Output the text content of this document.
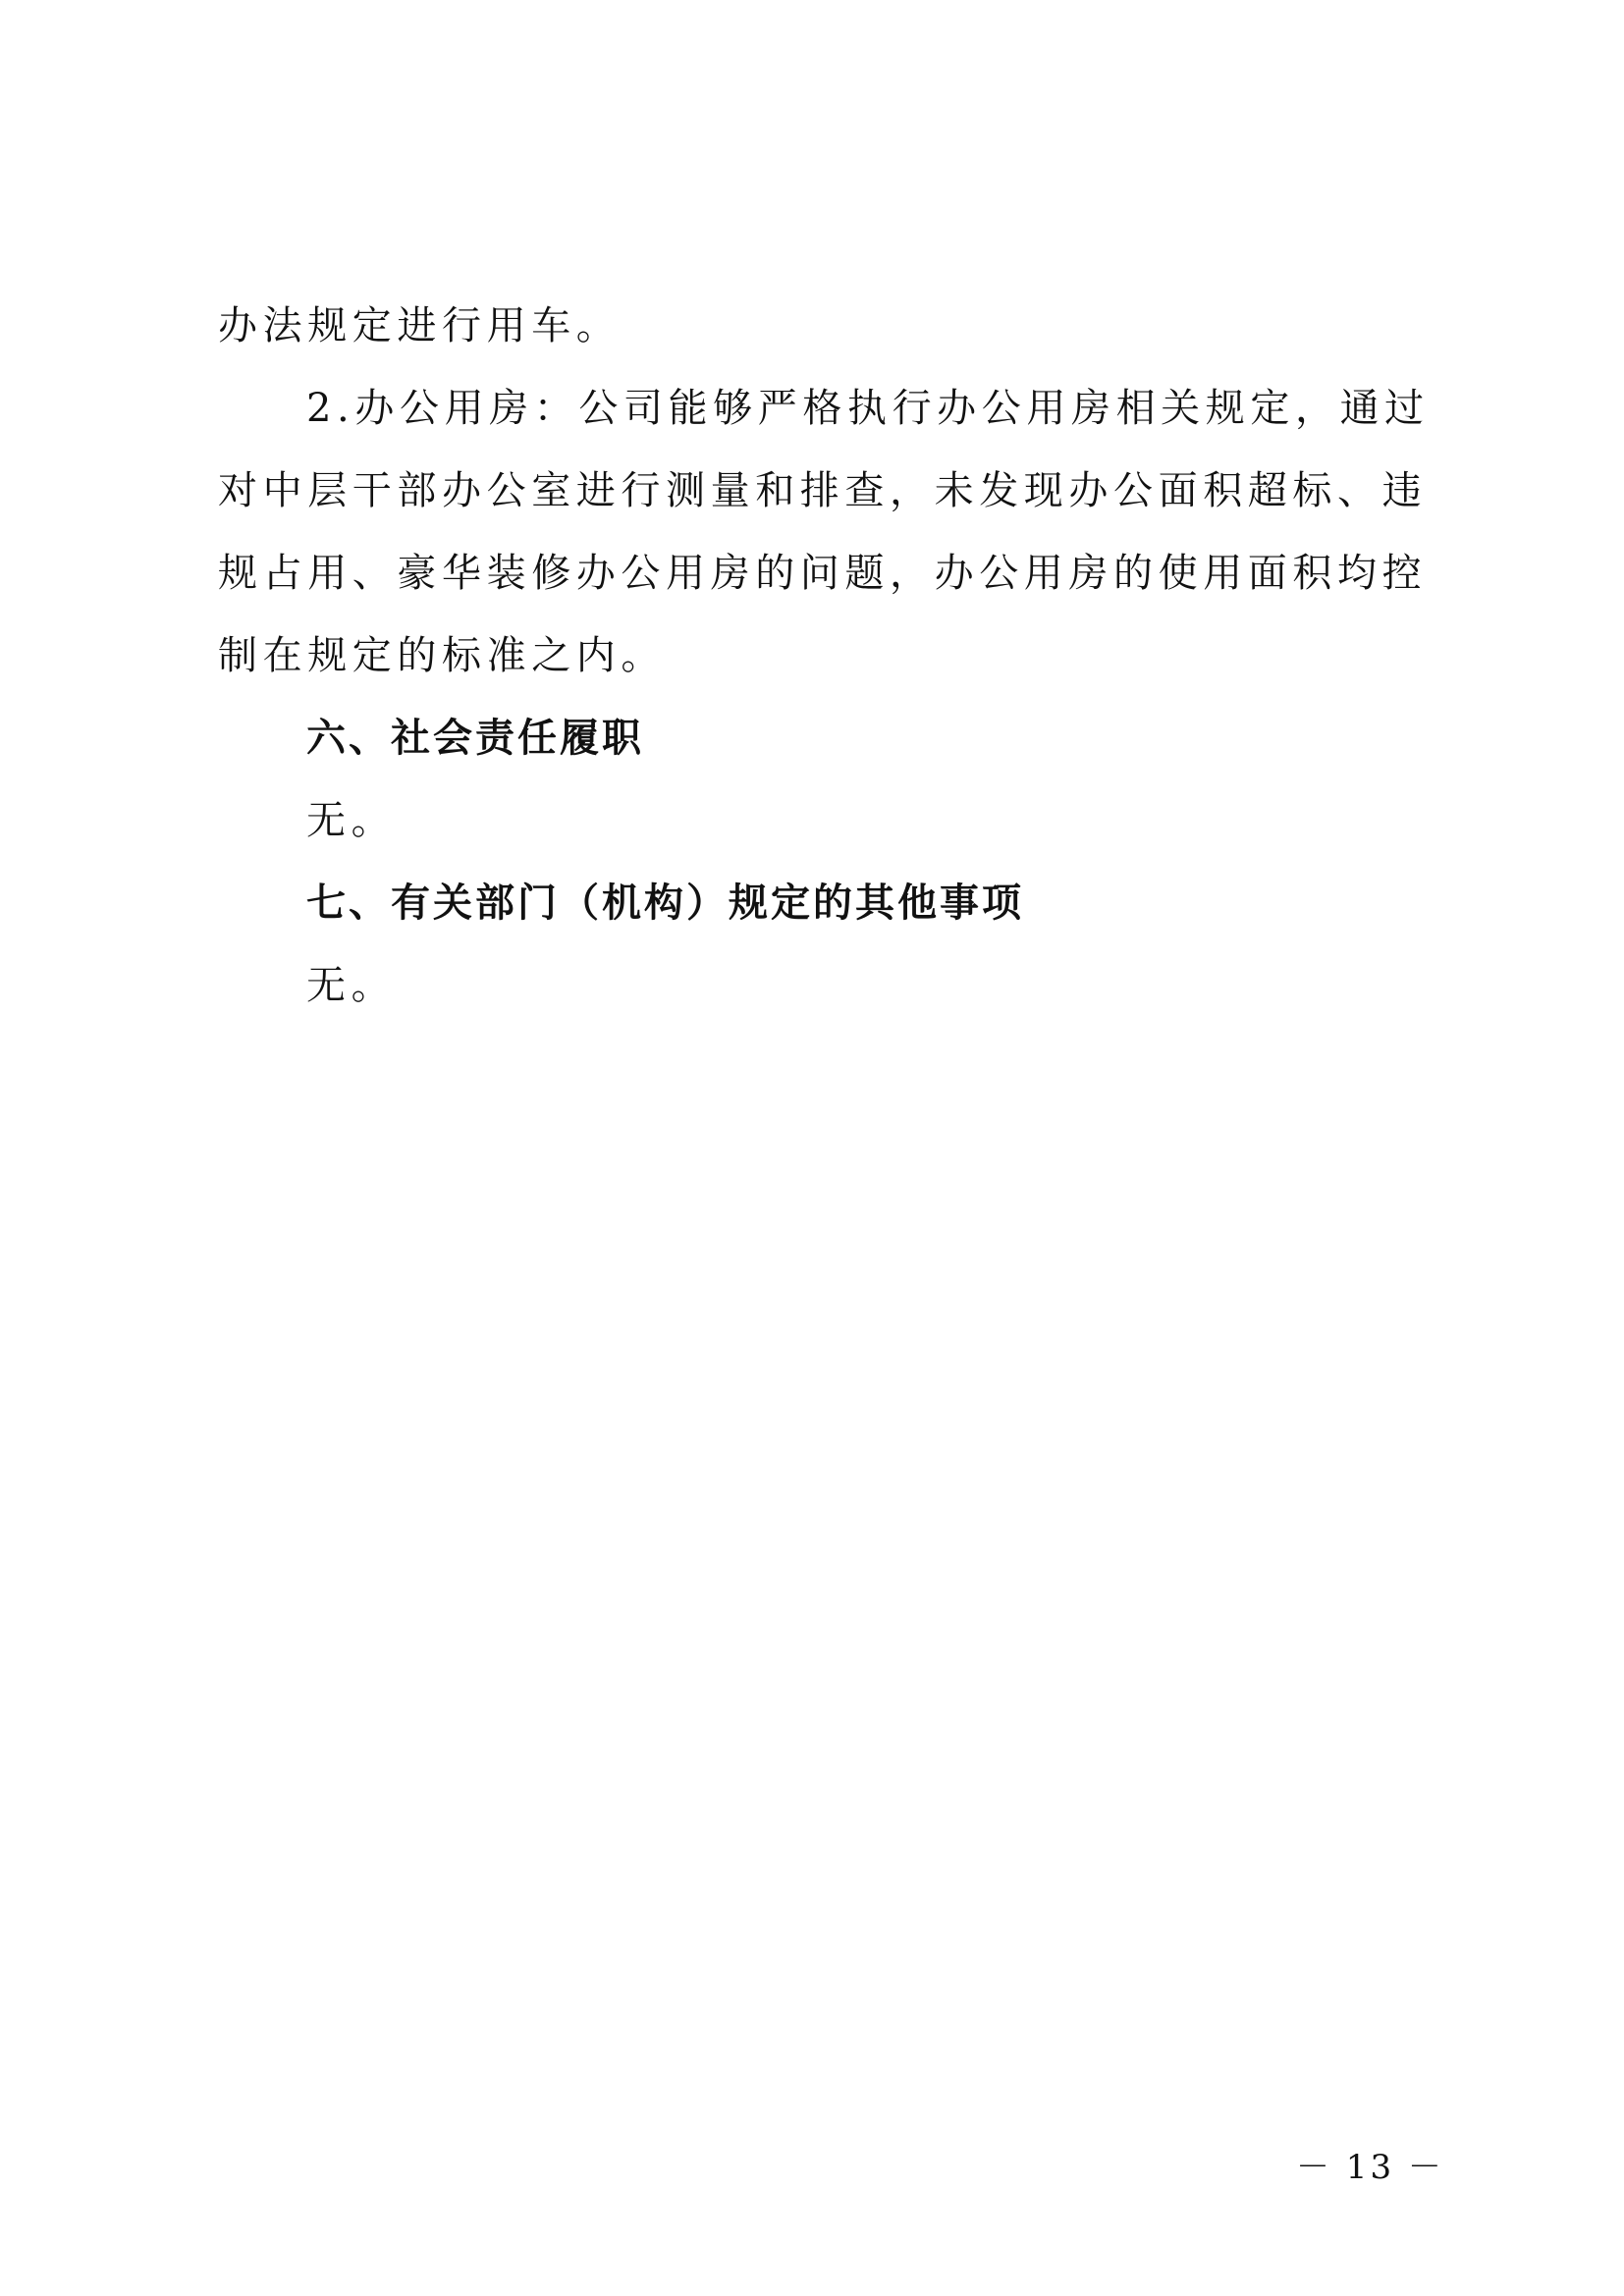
办法规定进行用车。
2.办公用房：公司能够严格执行办公用房相关规定，通过
对中层干部办公室进行测量和排查，未发现办公面积超标、违
规占用、豪华装修办公用房的问题，办公用房的使用面积均控
制在规定的标准之内。
六、社会责任履职
无。
七、有关部门（机构）规定的其他事项
无。
－ 13 －
